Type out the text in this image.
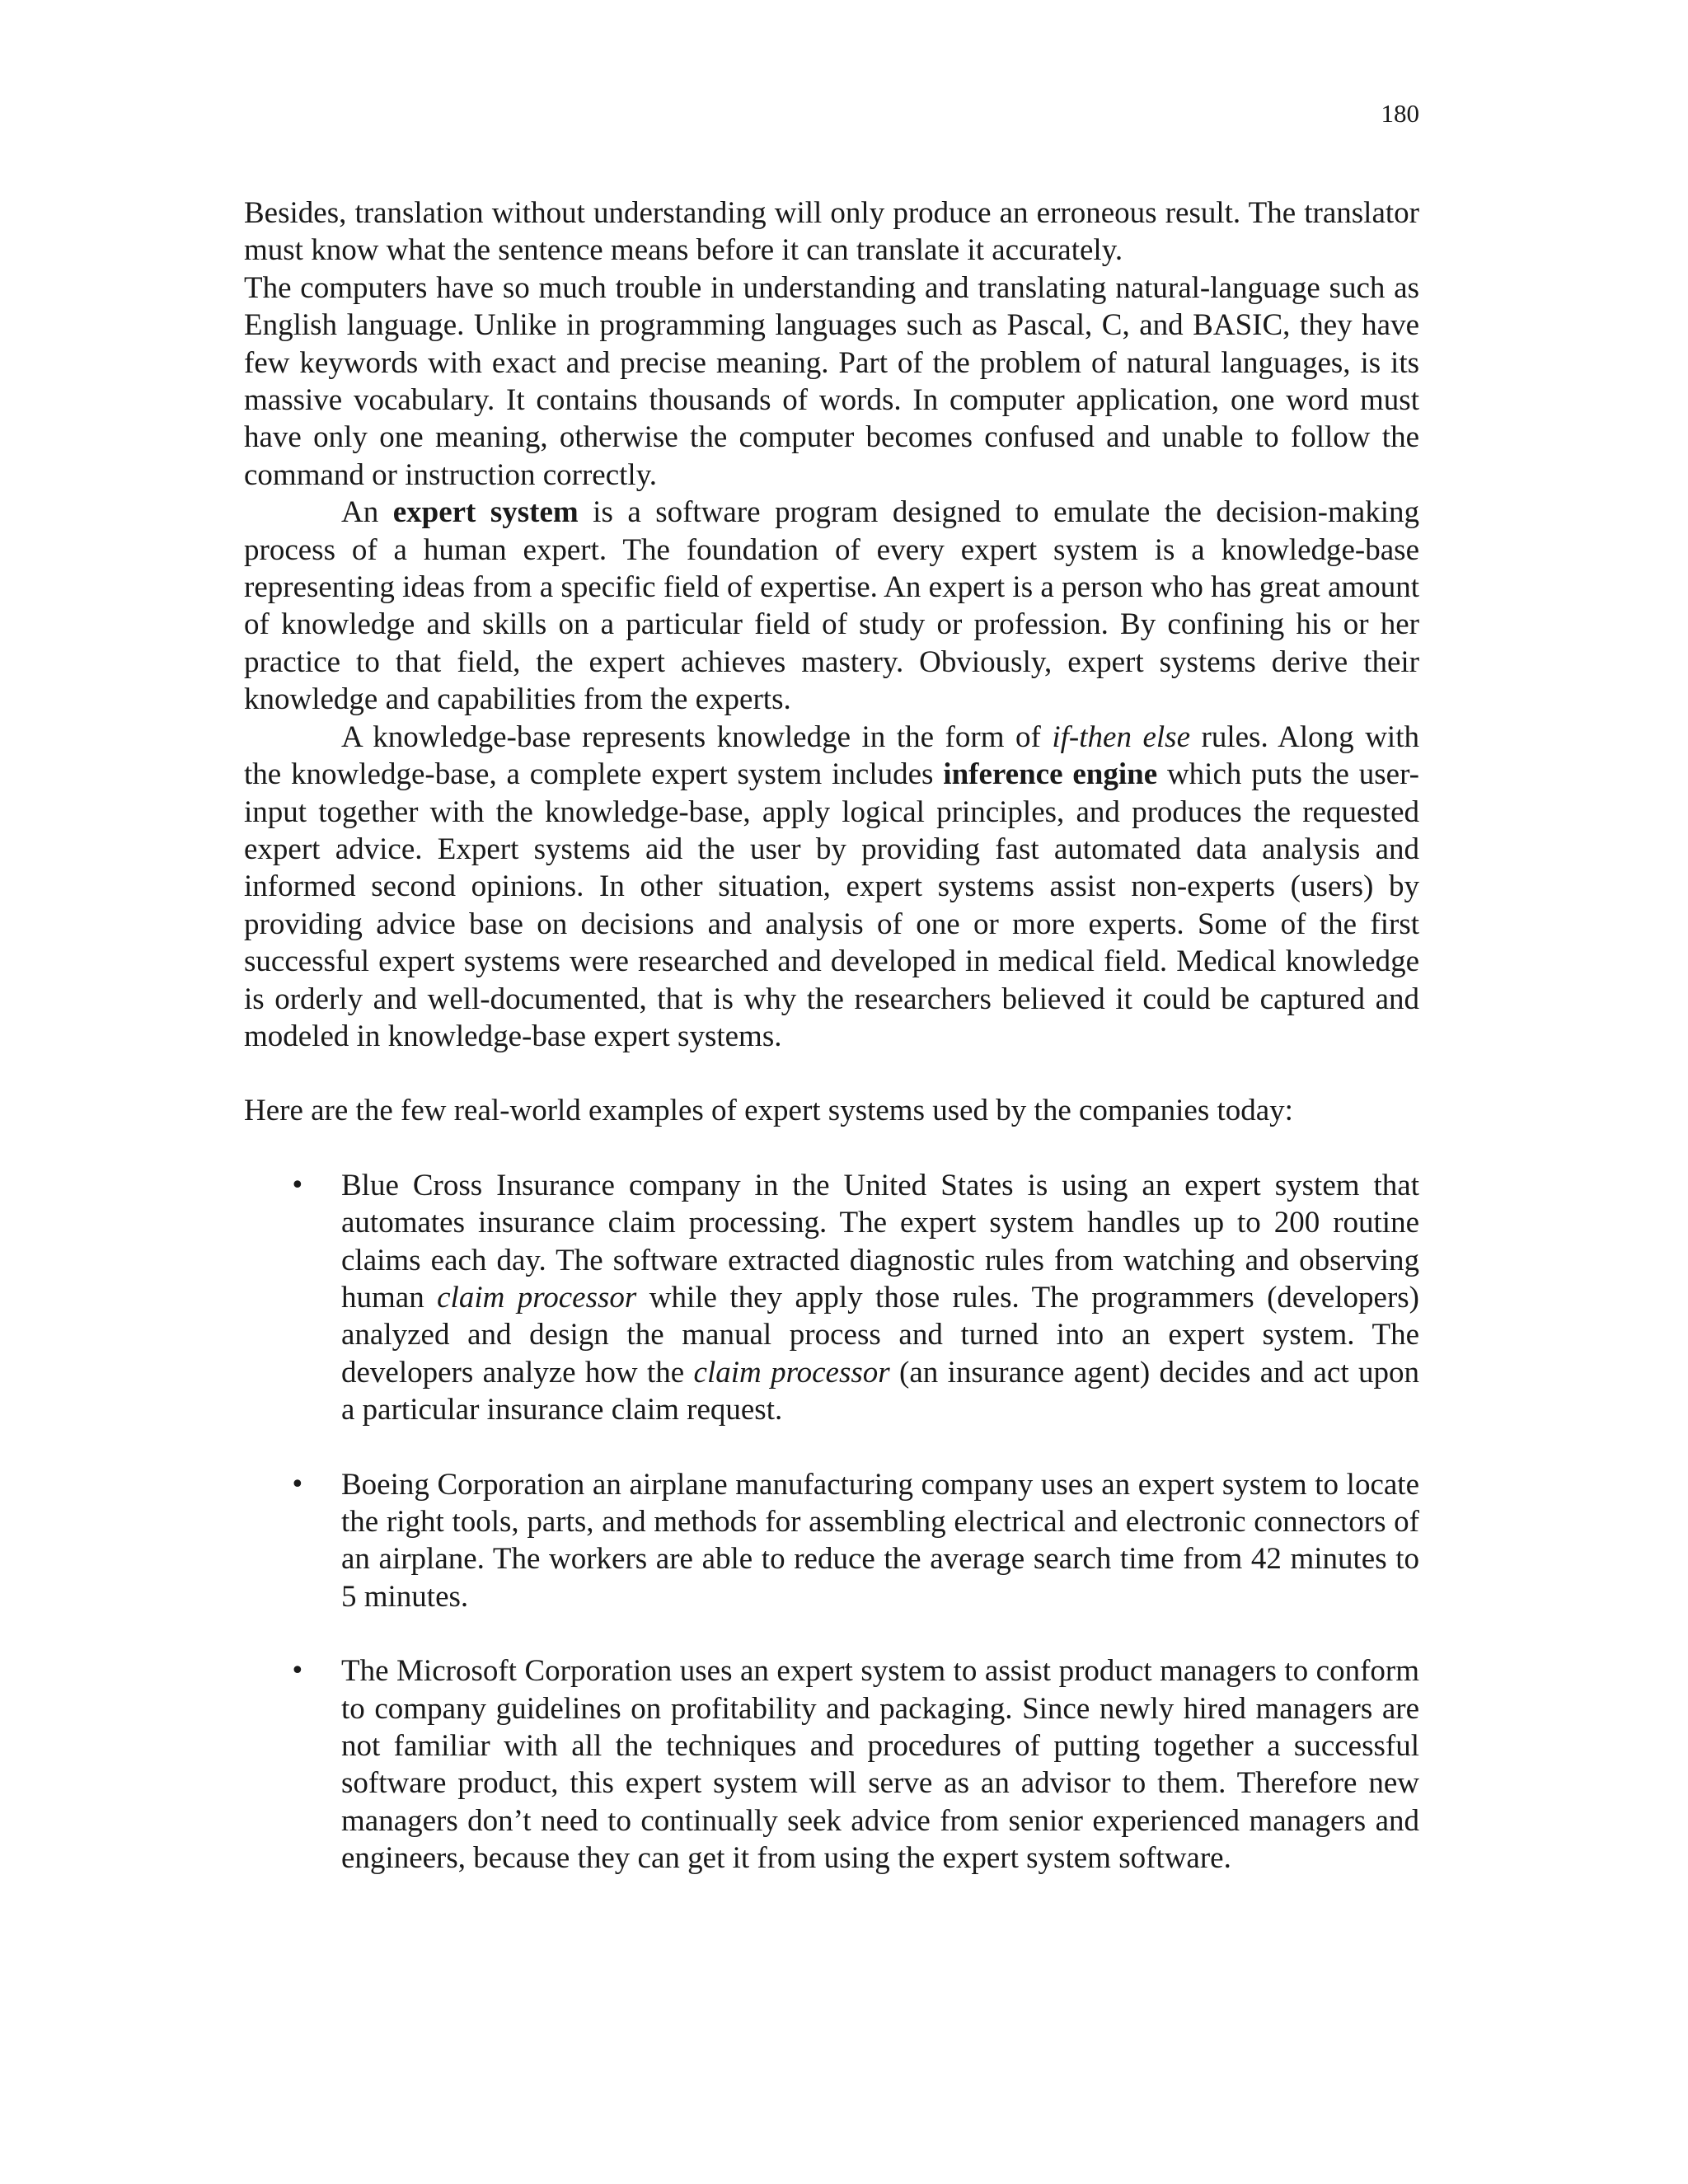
180

Besides, translation without understanding will only produce an erroneous result. The translator must know what the sentence means before it can translate it accurately.

The computers have so much trouble in understanding and translating natural-language such as English language. Unlike in programming languages such as Pascal, C, and BASIC, they have few keywords with exact and precise meaning. Part of the problem of natural languages, is its massive vocabulary. It contains thousands of words. In computer application, one word must have only one meaning, otherwise the computer becomes confused and unable to follow the command or instruction correctly.

An expert system is a software program designed to emulate the decision-making process of a human expert. The foundation of every expert system is a knowledge-base representing ideas from a specific field of expertise. An expert is a person who has great amount of knowledge and skills on a particular field of study or profession. By confining his or her practice to that field, the expert achieves mastery. Obviously, expert systems derive their knowledge and capabilities from the experts.

A knowledge-base represents knowledge in the form of if-then else rules. Along with the knowledge-base, a complete expert system includes inference engine which puts the user-input together with the knowledge-base, apply logical principles, and produces the requested expert advice. Expert systems aid the user by providing fast automated data analysis and informed second opinions. In other situation, expert systems assist non-experts (users) by providing advice base on decisions and analysis of one or more experts. Some of the first successful expert systems were researched and developed in medical field. Medical knowledge is orderly and well-documented, that is why the researchers believed it could be captured and modeled in knowledge-base expert systems.

Here are the few real-world examples of expert systems used by the companies today:

• Blue Cross Insurance company in the United States is using an expert system that automates insurance claim processing. The expert system handles up to 200 routine claims each day. The software extracted diagnostic rules from watching and observing human claim processor while they apply those rules. The programmers (developers) analyzed and design the manual process and turned into an expert system. The developers analyze how the claim processor (an insurance agent) decides and act upon a particular insurance claim request.
• Boeing Corporation an airplane manufacturing company uses an expert system to locate the right tools, parts, and methods for assembling electrical and electronic connectors of an airplane. The workers are able to reduce the average search time from 42 minutes to 5 minutes.
• The Microsoft Corporation uses an expert system to assist product managers to conform to company guidelines on profitability and packaging. Since newly hired managers are not familiar with all the techniques and procedures of putting together a successful software product, this expert system will serve as an advisor to them. Therefore new managers don’t need to continually seek advice from senior experienced managers and engineers, because they can get it from using the expert system software.
